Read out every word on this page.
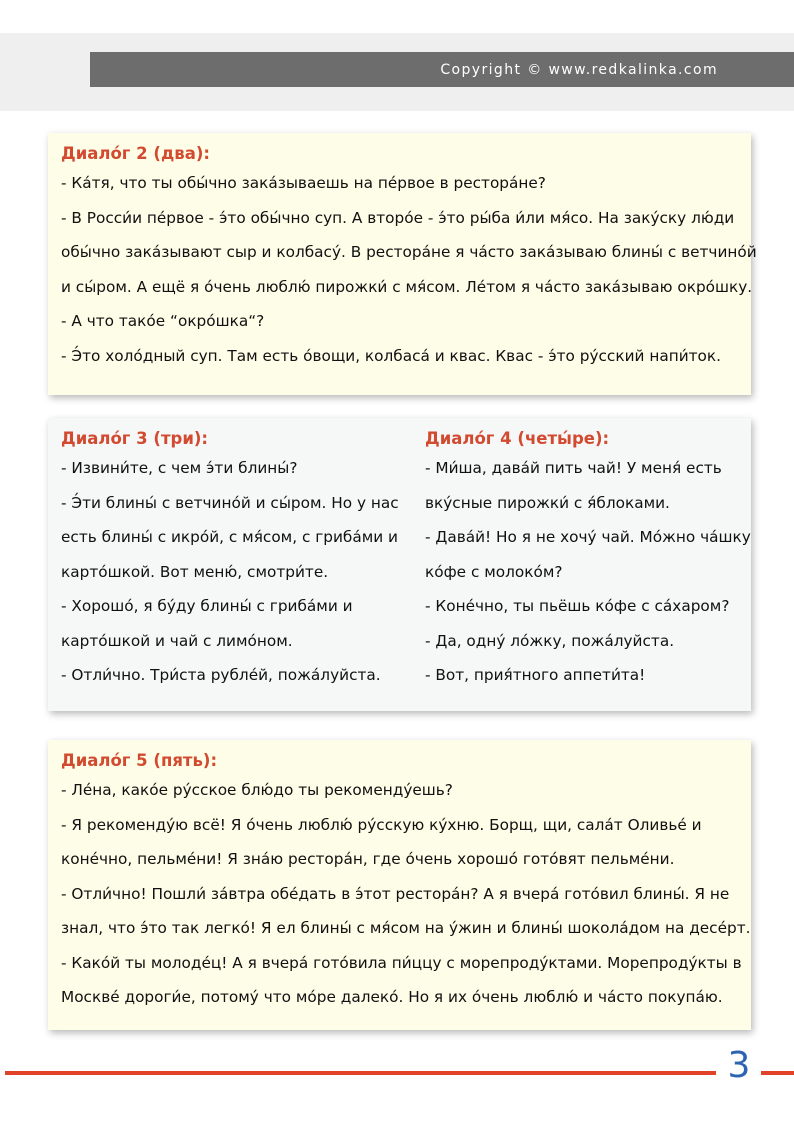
Copyright © www.redkalinka.com
Диало́г 2 (два):
- Ка́тя, что ты обы́чно зака́зываешь на пе́рвое в рестора́не?
- В Росси́и пе́рвое - э́то обы́чно суп. А второ́е - э́то ры́ба и́ли мя́со. На заку́ску лю́ди
обы́чно зака́зывают сыр и колбасу́. В рестора́не я ча́сто зака́зываю блины́ с ветчино́й
и сы́ром. А ещё я о́чень люблю́ пирожки́ с мя́сом. Ле́том я ча́сто зака́зываю окро́шку.
- А что тако́е “окро́шка“?
- Э́то холо́дный суп. Там есть о́вощи, колбаса́ и квас. Квас - э́то ру́сский напи́ток.
Диало́г 3 (три):
- Извини́те, с чем э́ти блины́?
- Э́ти блины́ с ветчино́й и сы́ром. Но у нас
есть блины́ с икро́й, с мя́сом, с гриба́ми и
карто́шкой. Вот меню́, смотри́те.
- Хорошо́, я бу́ду блины́ с гриба́ми и
карто́шкой и чай с лимо́ном.
- Отли́чно. Три́ста рубле́й, пожа́луйста.
Диало́г 4 (четы́ре):
- Ми́ша, дава́й пить чай! У меня́ есть
вку́сные пирожки́ с я́блоками.
- Дава́й! Но я не хочу́ чай. Мо́жно ча́шку
ко́фе с молоко́м?
- Коне́чно, ты пьёшь ко́фе с са́харом?
- Да, одну́ ло́жку, пожа́луйста.
- Вот, прия́тного аппети́та!
Диало́г 5 (пять):
- Ле́на, како́е ру́сское блю́до ты рекоменду́ешь?
- Я рекоменду́ю всё! Я о́чень люблю́ ру́сскую ку́хню. Борщ, щи, сала́т Оливье́ и
коне́чно, пельме́ни! Я зна́ю рестора́н, где о́чень хорошо́ гото́вят пельме́ни.
- Отли́чно! Пошли́ за́втра обе́дать в э́тот рестора́н? А я вчера́ гото́вил блины́. Я не
знал, что э́то так легко́! Я ел блины́ с мя́сом на у́жин и блины́ шокола́дом на десе́рт.
- Како́й ты молоде́ц! А я вчера́ гото́вила пи́ццу с морепроду́ктами. Морепроду́кты в
Москве́ дороги́е, потому́ что мо́ре далеко́. Но я их о́чень люблю́ и ча́сто покупа́ю.
3
